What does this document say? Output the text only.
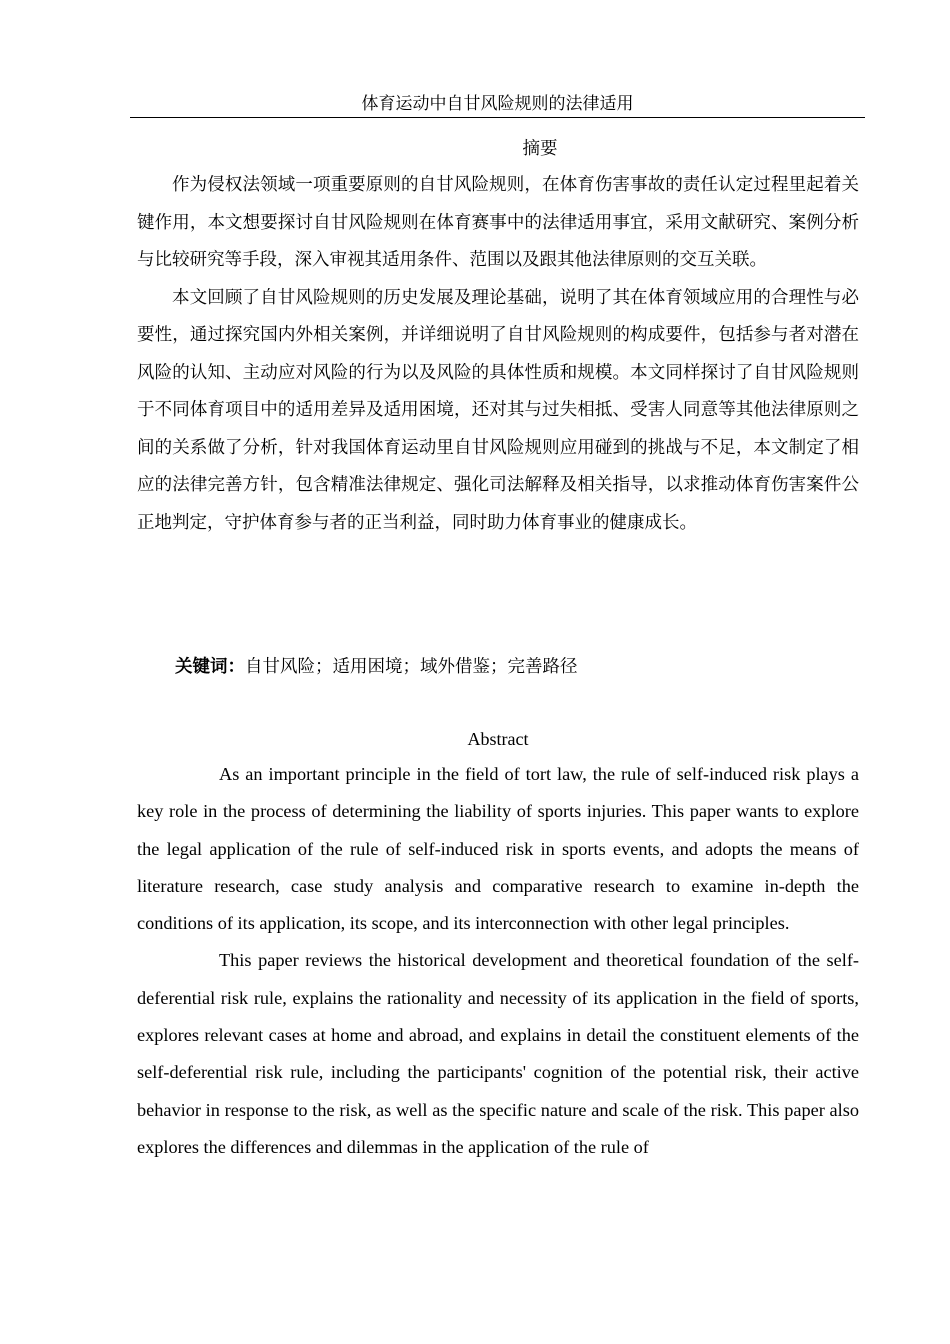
体育运动中自甘风险规则的法律适用
摘要

作为侵权法领域一项重要原则的自甘风险规则，在体育伤害事故的责任认定过程里起着关键作用，本文想要探讨自甘风险规则在体育赛事中的法律适用事宜，采用文献研究、案例分析与比较研究等手段，深入审视其适用条件、范围以及跟其他法律原则的交互关联。

本文回顾了自甘风险规则的历史发展及理论基础，说明了其在体育领域应用的合理性与必要性，通过探究国内外相关案例，并详细说明了自甘风险规则的构成要件，包括参与者对潜在风险的认知、主动应对风险的行为以及风险的具体性质和规模。本文同样探讨了自甘风险规则于不同体育项目中的适用差异及适用困境，还对其与过失相抵、受害人同意等其他法律原则之间的关系做了分析，针对我国体育运动里自甘风险规则应用碰到的挑战与不足，本文制定了相应的法律完善方针，包含精准法律规定、强化司法解释及相关指导，以求推动体育伤害案件公正地判定，守护体育参与者的正当利益，同时助力体育事业的健康成长。

关键词：自甘风险；适用困境；域外借鉴；完善路径
Abstract

As an important principle in the field of tort law, the rule of self-induced risk plays a key role in the process of determining the liability of sports injuries. This paper wants to explore the legal application of the rule of self-induced risk in sports events, and adopts the means of literature research, case study analysis and comparative research to examine in-depth the conditions of its application, its scope, and its interconnection with other legal principles.

This paper reviews the historical development and theoretical foundation of the self-deferential risk rule, explains the rationality and necessity of its application in the field of sports, explores relevant cases at home and abroad, and explains in detail the constituent elements of the self-deferential risk rule, including the participants' cognition of the potential risk, their active behavior in response to the risk, as well as the specific nature and scale of the risk. This paper also explores the differences and dilemmas in the application of the rule of
